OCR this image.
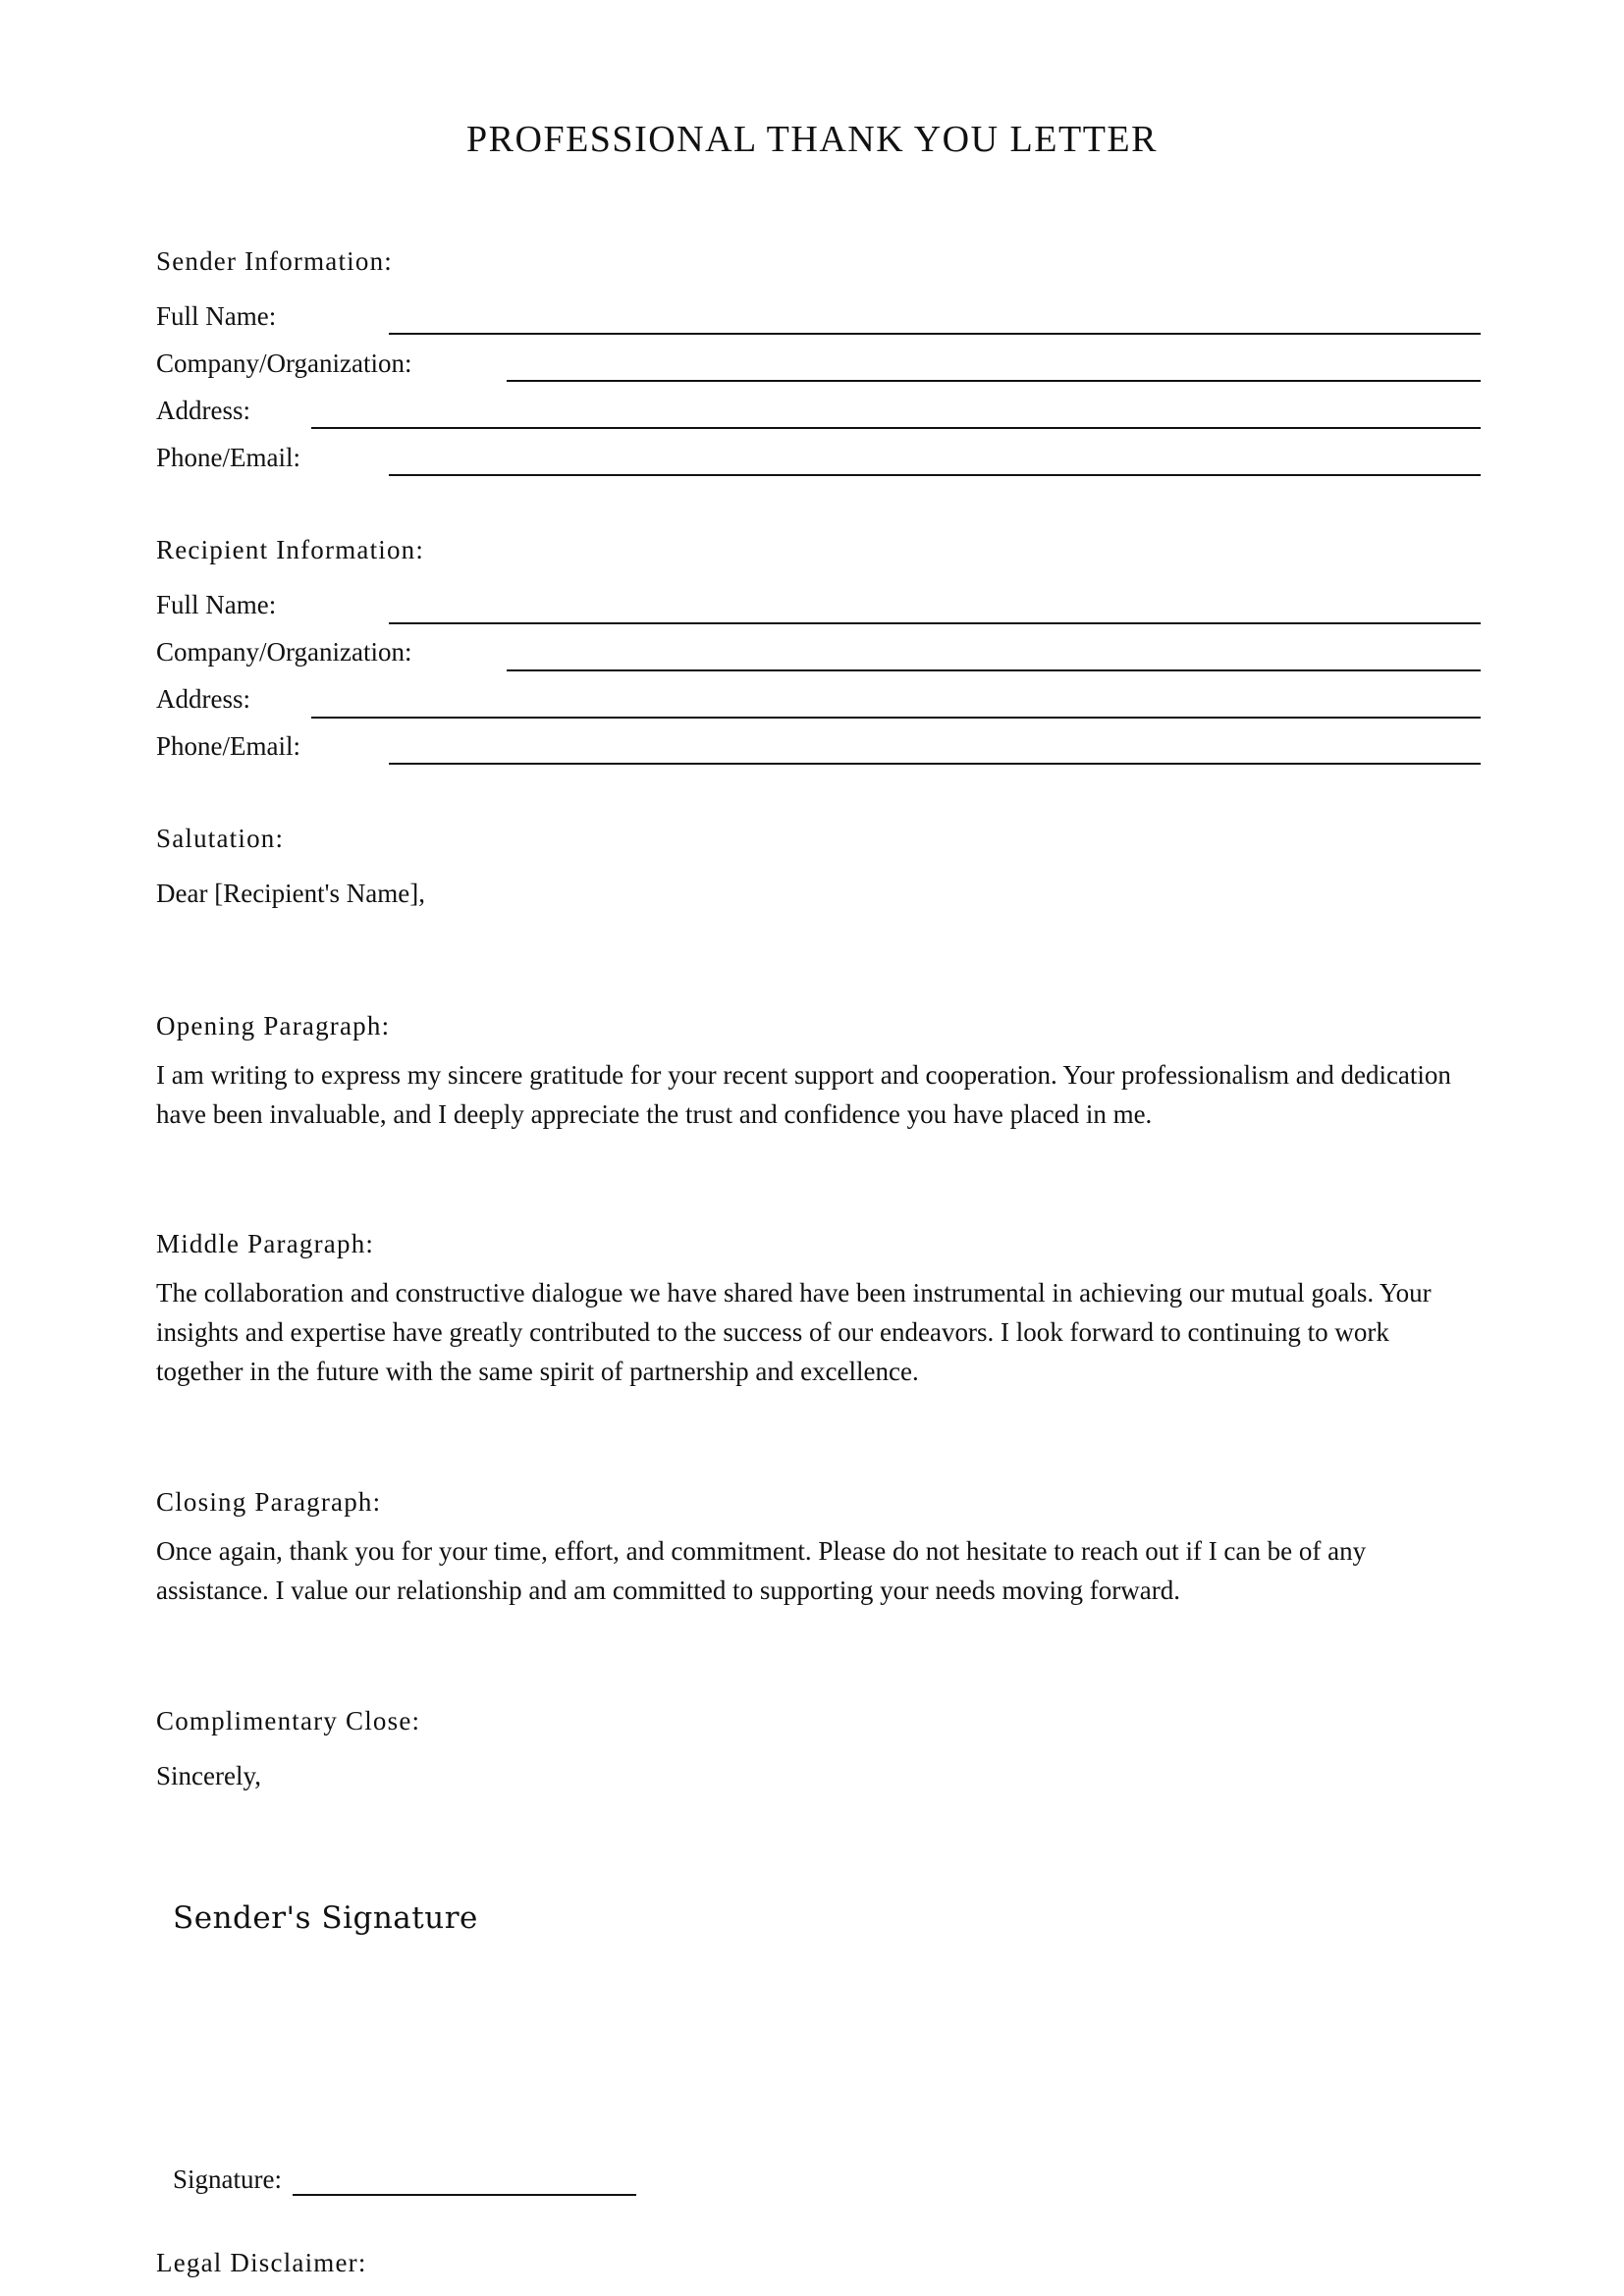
PROFESSIONAL THANK YOU LETTER
Sender Information:
Full Name:
Company/Organization:
Address:
Phone/Email:
Recipient Information:
Full Name:
Company/Organization:
Address:
Phone/Email:
Salutation:
Dear [Recipient's Name],
Opening Paragraph:

I am writing to express my sincere gratitude for your recent support and cooperation. Your professionalism and dedication have been invaluable, and I deeply appreciate the trust and confidence you have placed in me.

Middle Paragraph:

The collaboration and constructive dialogue we have shared have been instrumental in achieving our mutual goals. Your insights and expertise have greatly contributed to the success of our endeavors. I look forward to continuing to work together in the future with the same spirit of partnership and excellence.

Closing Paragraph:

Once again, thank you for your time, effort, and commitment. Please do not hesitate to reach out if I can be of any assistance. I value our relationship and am committed to supporting your needs moving forward.

Complimentary Close:
Sincerely,
Sender's Signature
Signature:
Legal Disclaimer:
